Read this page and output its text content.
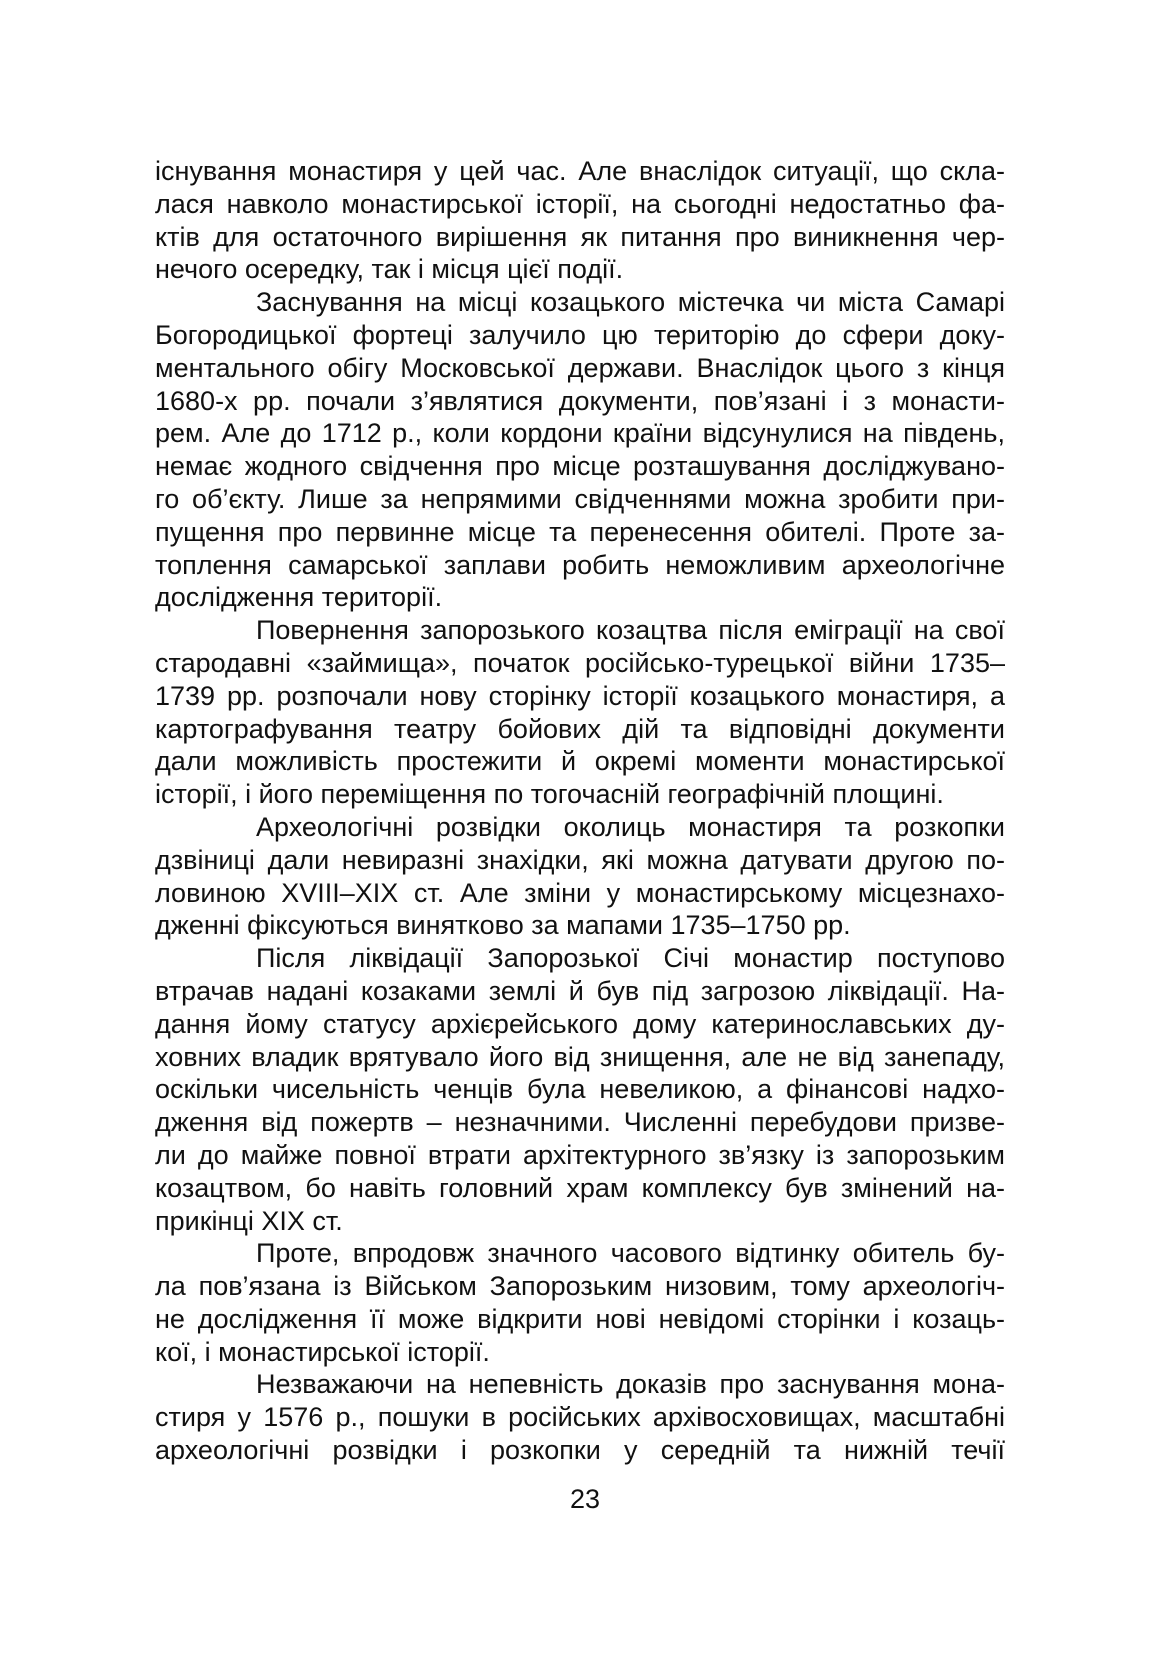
існування монастиря у цей час. Але внаслідок ситуації, що скла-
лася навколо монастирської історії, на сьогодні недостатньо фа-
ктів для остаточного вирішення як питання про виникнення чер-
нечого осередку, так і місця цієї події.
Заснування на місці козацького містечка чи міста Самарі
Богородицької фортеці залучило цю територію до сфери доку-
ментального обігу Московської держави. Внаслідок цього з кінця
1680-х рр. почали з’являтися документи, пов’язані і з монасти-
рем. Але до 1712 р., коли кордони країни відсунулися на південь,
немає жодного свідчення про місце розташування досліджувано-
го об’єкту. Лише за непрямими свідченнями можна зробити при-
пущення про первинне місце та перенесення обителі. Проте за-
топлення самарської заплави робить неможливим археологічне
дослідження території.
Повернення запорозького козацтва після еміграції на свої
стародавні «займища», початок російсько-турецької війни 1735–
1739 рр. розпочали нову сторінку історії козацького монастиря, а
картографування театру бойових дій та відповідні документи
дали можливість простежити й окремі моменти монастирської
історії, і його переміщення по тогочасній географічній площині.
Археологічні розвідки околиць монастиря та розкопки
дзвіниці дали невиразні знахідки, які можна датувати другою по-
ловиною XVIII–XIX ст. Але зміни у монастирському місцезнахо-
дженні фіксуються винятково за мапами 1735–1750 рр.
Після ліквідації Запорозької Січі монастир поступово
втрачав надані козаками землі й був під загрозою ліквідації. На-
дання йому статусу архієрейського дому катеринославських ду-
ховних владик врятувало його від знищення, але не від занепаду,
оскільки чисельність ченців була невеликою, а фінансові надхо-
дження від пожертв – незначними. Численні перебудови призве-
ли до майже повної втрати архітектурного зв’язку із запорозьким
козацтвом, бо навіть головний храм комплексу був змінений на-
прикінці XIX ст.
Проте, впродовж значного часового відтинку обитель бу-
ла пов’язана із Військом Запорозьким низовим, тому археологіч-
не дослідження її може відкрити нові невідомі сторінки і козаць-
кої, і монастирської історії.
Незважаючи на непевність доказів про заснування мона-
стиря у 1576 р., пошуки в російських архівосховищах, масштабні
археологічні розвідки і розкопки у середній та нижній течії
23
